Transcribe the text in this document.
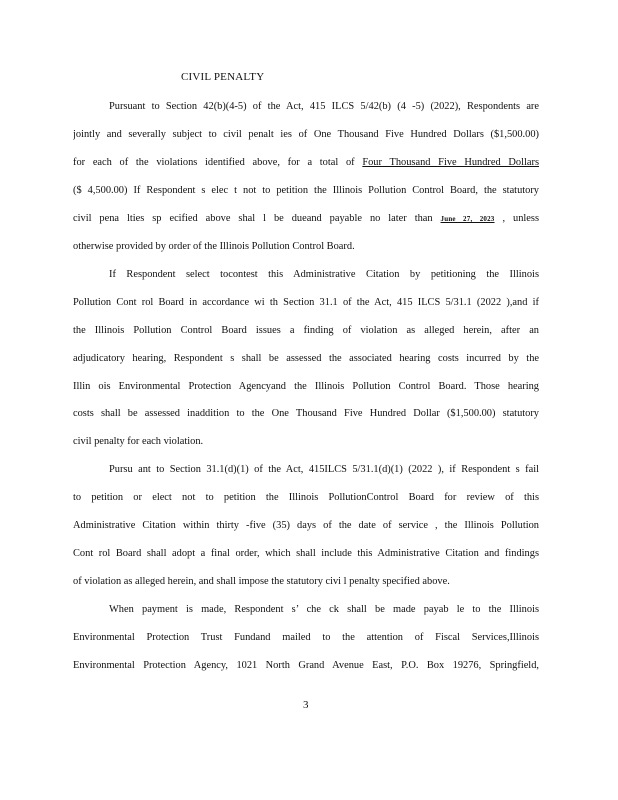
CIVIL PENALTY
Pursuant to Section 42(b)(4-5) of the Act, 415 ILCS 5/42(b) (4 -5) (2022), Respondents are
jointly and severally subject to civil penalt ies of One Thousand Five Hundred Dollars ($1,500.00)
for each of the violations identified above, for a total of Four Thousand Five Hundred Dollars
($ 4,500.00) If Respondent s elec t not to petition the Illinois Pollution Control Board, the statutory
civil pena lties sp ecified above shal l be dueand payable no later than June 27, 2023 , unless
otherwise provided by order of the Illinois Pollution Control Board.
If Respondent select tocontest this Administrative Citation by petitioning the Illinois
Pollution Cont rol Board in accordance wi th Section 31.1 of the Act, 415 ILCS 5/31.1 (2022 ),and if
the Illinois Pollution Control Board issues a finding of violation as alleged herein, after an
adjudicatory hearing, Respondent s shall be assessed the associated hearing costs incurred by the
Illin ois Environmental Protection Agencyand the Illinois Pollution Control Board. Those hearing
costs shall be assessed inaddition to the One Thousand Five Hundred Dollar ($1,500.00) statutory
civil penalty for each violation.
Pursu ant to Section 31.1(d)(1) of the Act, 415ILCS 5/31.1(d)(1) (2022 ), if Respondent s fail
to petition or elect not to petition the Illinois PollutionControl Board for review of this
Administrative Citation within thirty -five (35) days of the date of service , the Illinois Pollution
Cont rol Board shall adopt a final order, which shall include this Administrative Citation and findings
of violation as alleged herein, and shall impose the statutory civi l penalty specified above.
When payment is made, Respondent s’ che ck shall be made payab le to the Illinois
Environmental Protection Trust Fundand mailed to the attention of Fiscal Services,Illinois
Environmental Protection Agency, 1021 North Grand Avenue East, P.O. Box 19276, Springfield,
3
